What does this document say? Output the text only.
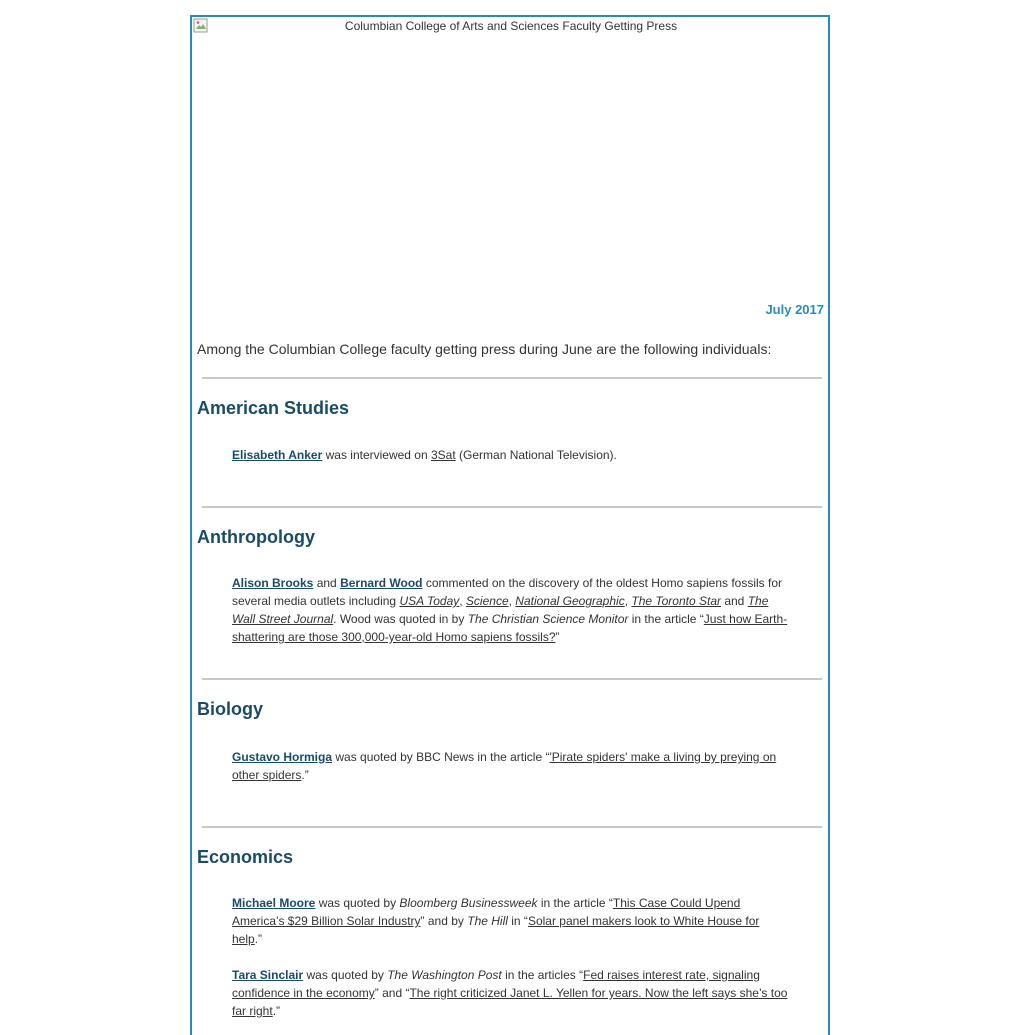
Columbian College of Arts and Sciences Faculty Getting Press
July 2017
Among the Columbian College faculty getting press during June are the following individuals:
American Studies

Elisabeth Anker was interviewed on 3Sat (German National Television).

Anthropology

Alison Brooks and Bernard Wood commented on the discovery of the oldest Homo sapiens fossils for several media outlets including USA Today, Science, National Geographic, The Toronto Star and The Wall Street Journal. Wood was quoted in by The Christian Science Monitor in the article “Just how Earth-shattering are those 300,000-year-old Homo sapiens fossils?”

Biology

Gustavo Hormiga was quoted by BBC News in the article “'Pirate spiders' make a living by preying on other spiders.”

Economics

Michael Moore was quoted by Bloomberg Businessweek in the article “This Case Could Upend America’s $29 Billion Solar Industry” and by The Hill in “Solar panel makers look to White House for help.”

Tara Sinclair was quoted by The Washington Post in the articles “Fed raises interest rate, signaling confidence in the economy” and “The right criticized Janet L. Yellen for years. Now the left says she’s too far right.”
